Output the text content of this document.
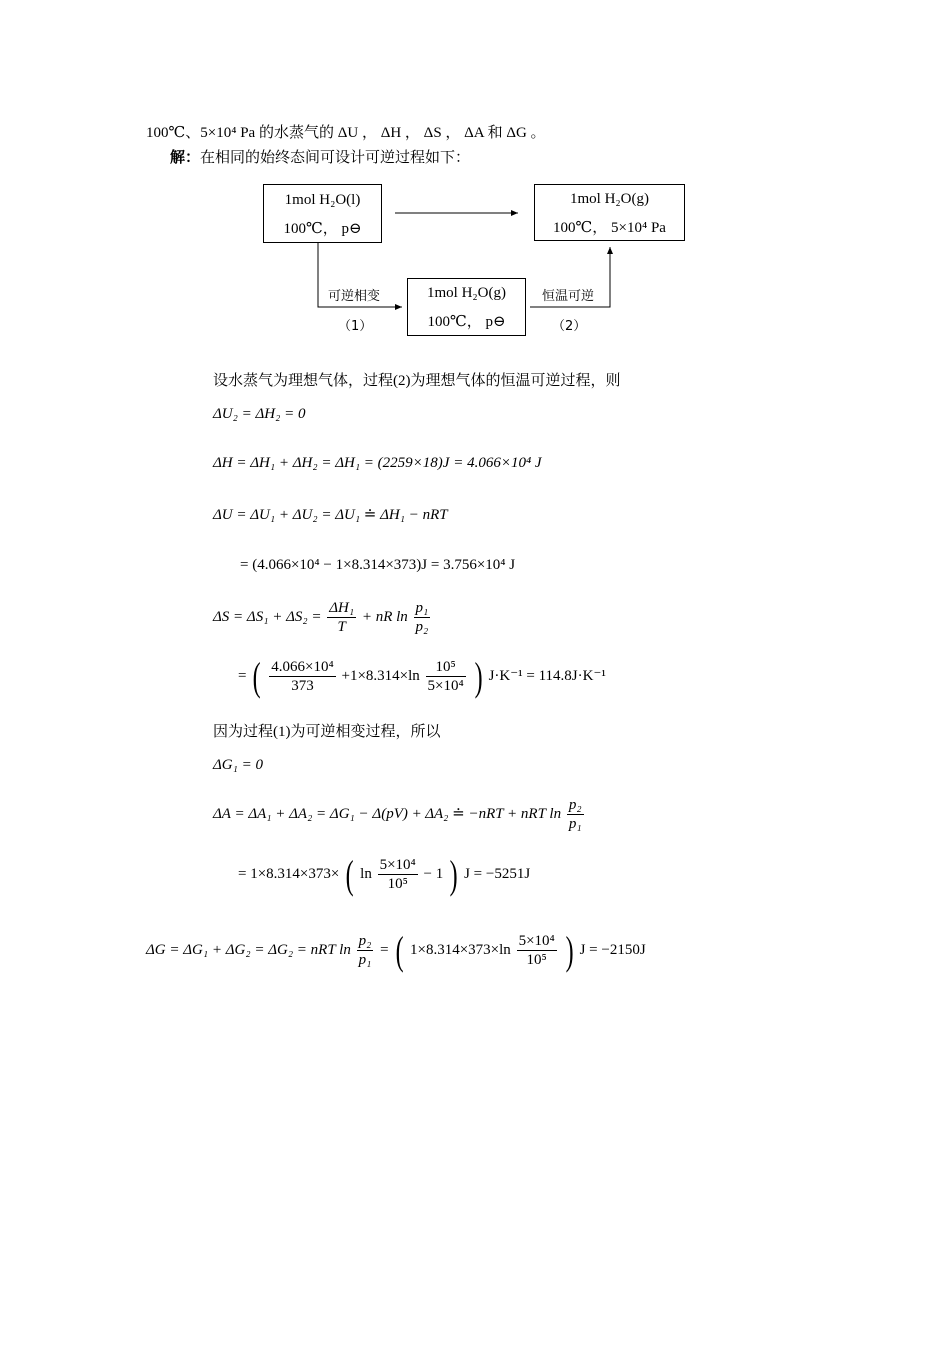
100℃、5×10⁴ Pa 的水蒸气的 ΔU ， ΔH ， ΔS ， ΔA 和 ΔG 。
解：在相同的始终态间可设计可逆过程如下：
1mol H₂O(l)
100℃， p⊖
1mol H₂O(g)
100℃， 5×10⁴ Pa
1mol H₂O(g)
100℃， p⊖
可逆相变
（1）
恒温可逆
（2）
设水蒸气为理想气体，过程(2)为理想气体的恒温可逆过程，则
ΔU₂ = ΔH₂ = 0
ΔH = ΔH₁ + ΔH₂ = ΔH₁ = (2259×18)J = 4.066×10⁴ J
ΔU = ΔU₁ + ΔU₂ = ΔU₁ ≐ ΔH₁ − nRT
= (4.066×10⁴ − 1×8.314×373)J = 3.756×10⁴ J
$\Delta S = \Delta S_1 + \Delta S_2 = \frac{\text{ΔH₁}}{T}$ + nR $\ln \frac{\text{p₁}}{\text{p₂}}$
= ( $\frac{\text{4.066×10⁴}}{373} +1\times 8.314\times\ln \frac{\text{10⁵}}{\text{5×10⁴}}$ ) J·K⁻¹ = 114.8J·K⁻¹
因为过程(1)为可逆相变过程，所以
ΔG₁ = 0
ΔA = ΔA₁ + ΔA₂ = ΔG₁ − Δ(pV) + ΔA₂ ≐ −nRT + nRT $\ln \frac{\text{p₂}}{\text{p₁}}$
= 1×8.314×373× ( $\ln \frac{\text{5×10⁴}}{\text{10⁵}} - 1$ ) J = −5251J
ΔG = ΔG₁ + ΔG₂ = ΔG₂ = nRT $\ln \frac{\text{p₂}}{\text{p₁}}$ = ( $1\times 8.314\times 373\times\ln \frac{\text{5×10⁴}}{\text{10⁵}}$ ) J = −2150J
